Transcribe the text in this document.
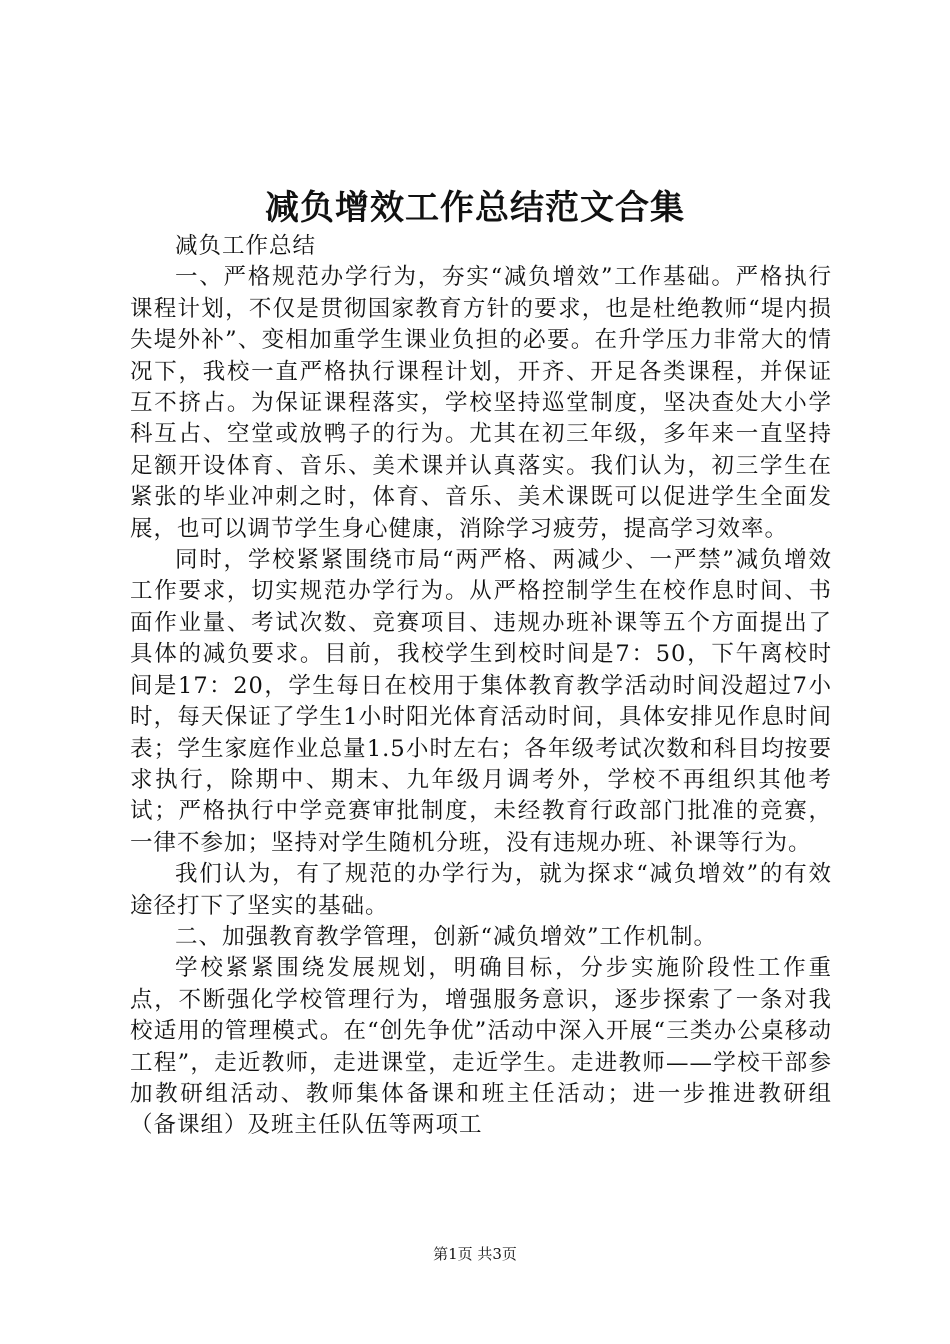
减负增效工作总结范文合集

减负工作总结

一、严格规范办学行为，夯实“减负增效”工作基础。严格执行课程计划，不仅是贯彻国家教育方针的要求，也是杜绝教师“堤内损失堤外补”、变相加重学生课业负担的必要。在升学压力非常大的情况下，我校一直严格执行课程计划，开齐、开足各类课程，并保证互不挤占。为保证课程落实，学校坚持巡堂制度，坚决查处大小学科互占、空堂或放鸭子的行为。尤其在初三年级，多年来一直坚持足额开设体育、音乐、美术课并认真落实。我们认为，初三学生在紧张的毕业冲刺之时，体育、音乐、美术课既可以促进学生全面发展，也可以调节学生身心健康，消除学习疲劳，提高学习效率。

同时，学校紧紧围绕市局“两严格、两减少、一严禁”减负增效工作要求，切实规范办学行为。从严格控制学生在校作息时间、书面作业量、考试次数、竞赛项目、违规办班补课等五个方面提出了具体的减负要求。目前，我校学生到校时间是7：50，下午离校时间是17：20，学生每日在校用于集体教育教学活动时间没超过7小时，每天保证了学生1小时阳光体育活动时间，具体安排见作息时间表；学生家庭作业总量1.5小时左右；各年级考试次数和科目均按要求执行，除期中、期末、九年级月调考外，学校不再组织其他考试；严格执行中学竞赛审批制度，未经教育行政部门批准的竞赛，一律不参加；坚持对学生随机分班，没有违规办班、补课等行为。

我们认为，有了规范的办学行为，就为探求“减负增效”的有效途径打下了坚实的基础。

二、加强教育教学管理，创新“减负增效”工作机制。

学校紧紧围绕发展规划，明确目标，分步实施阶段性工作重点，不断强化学校管理行为，增强服务意识，逐步探索了一条对我校适用的管理模式。在“创先争优”活动中深入开展“三类办公桌移动工程”，走近教师，走进课堂，走近学生。走进教师——学校干部参加教研组活动、教师集体备课和班主任活动；进一步推进教研组（备课组）及班主任队伍等两项工

第1页 共3页
